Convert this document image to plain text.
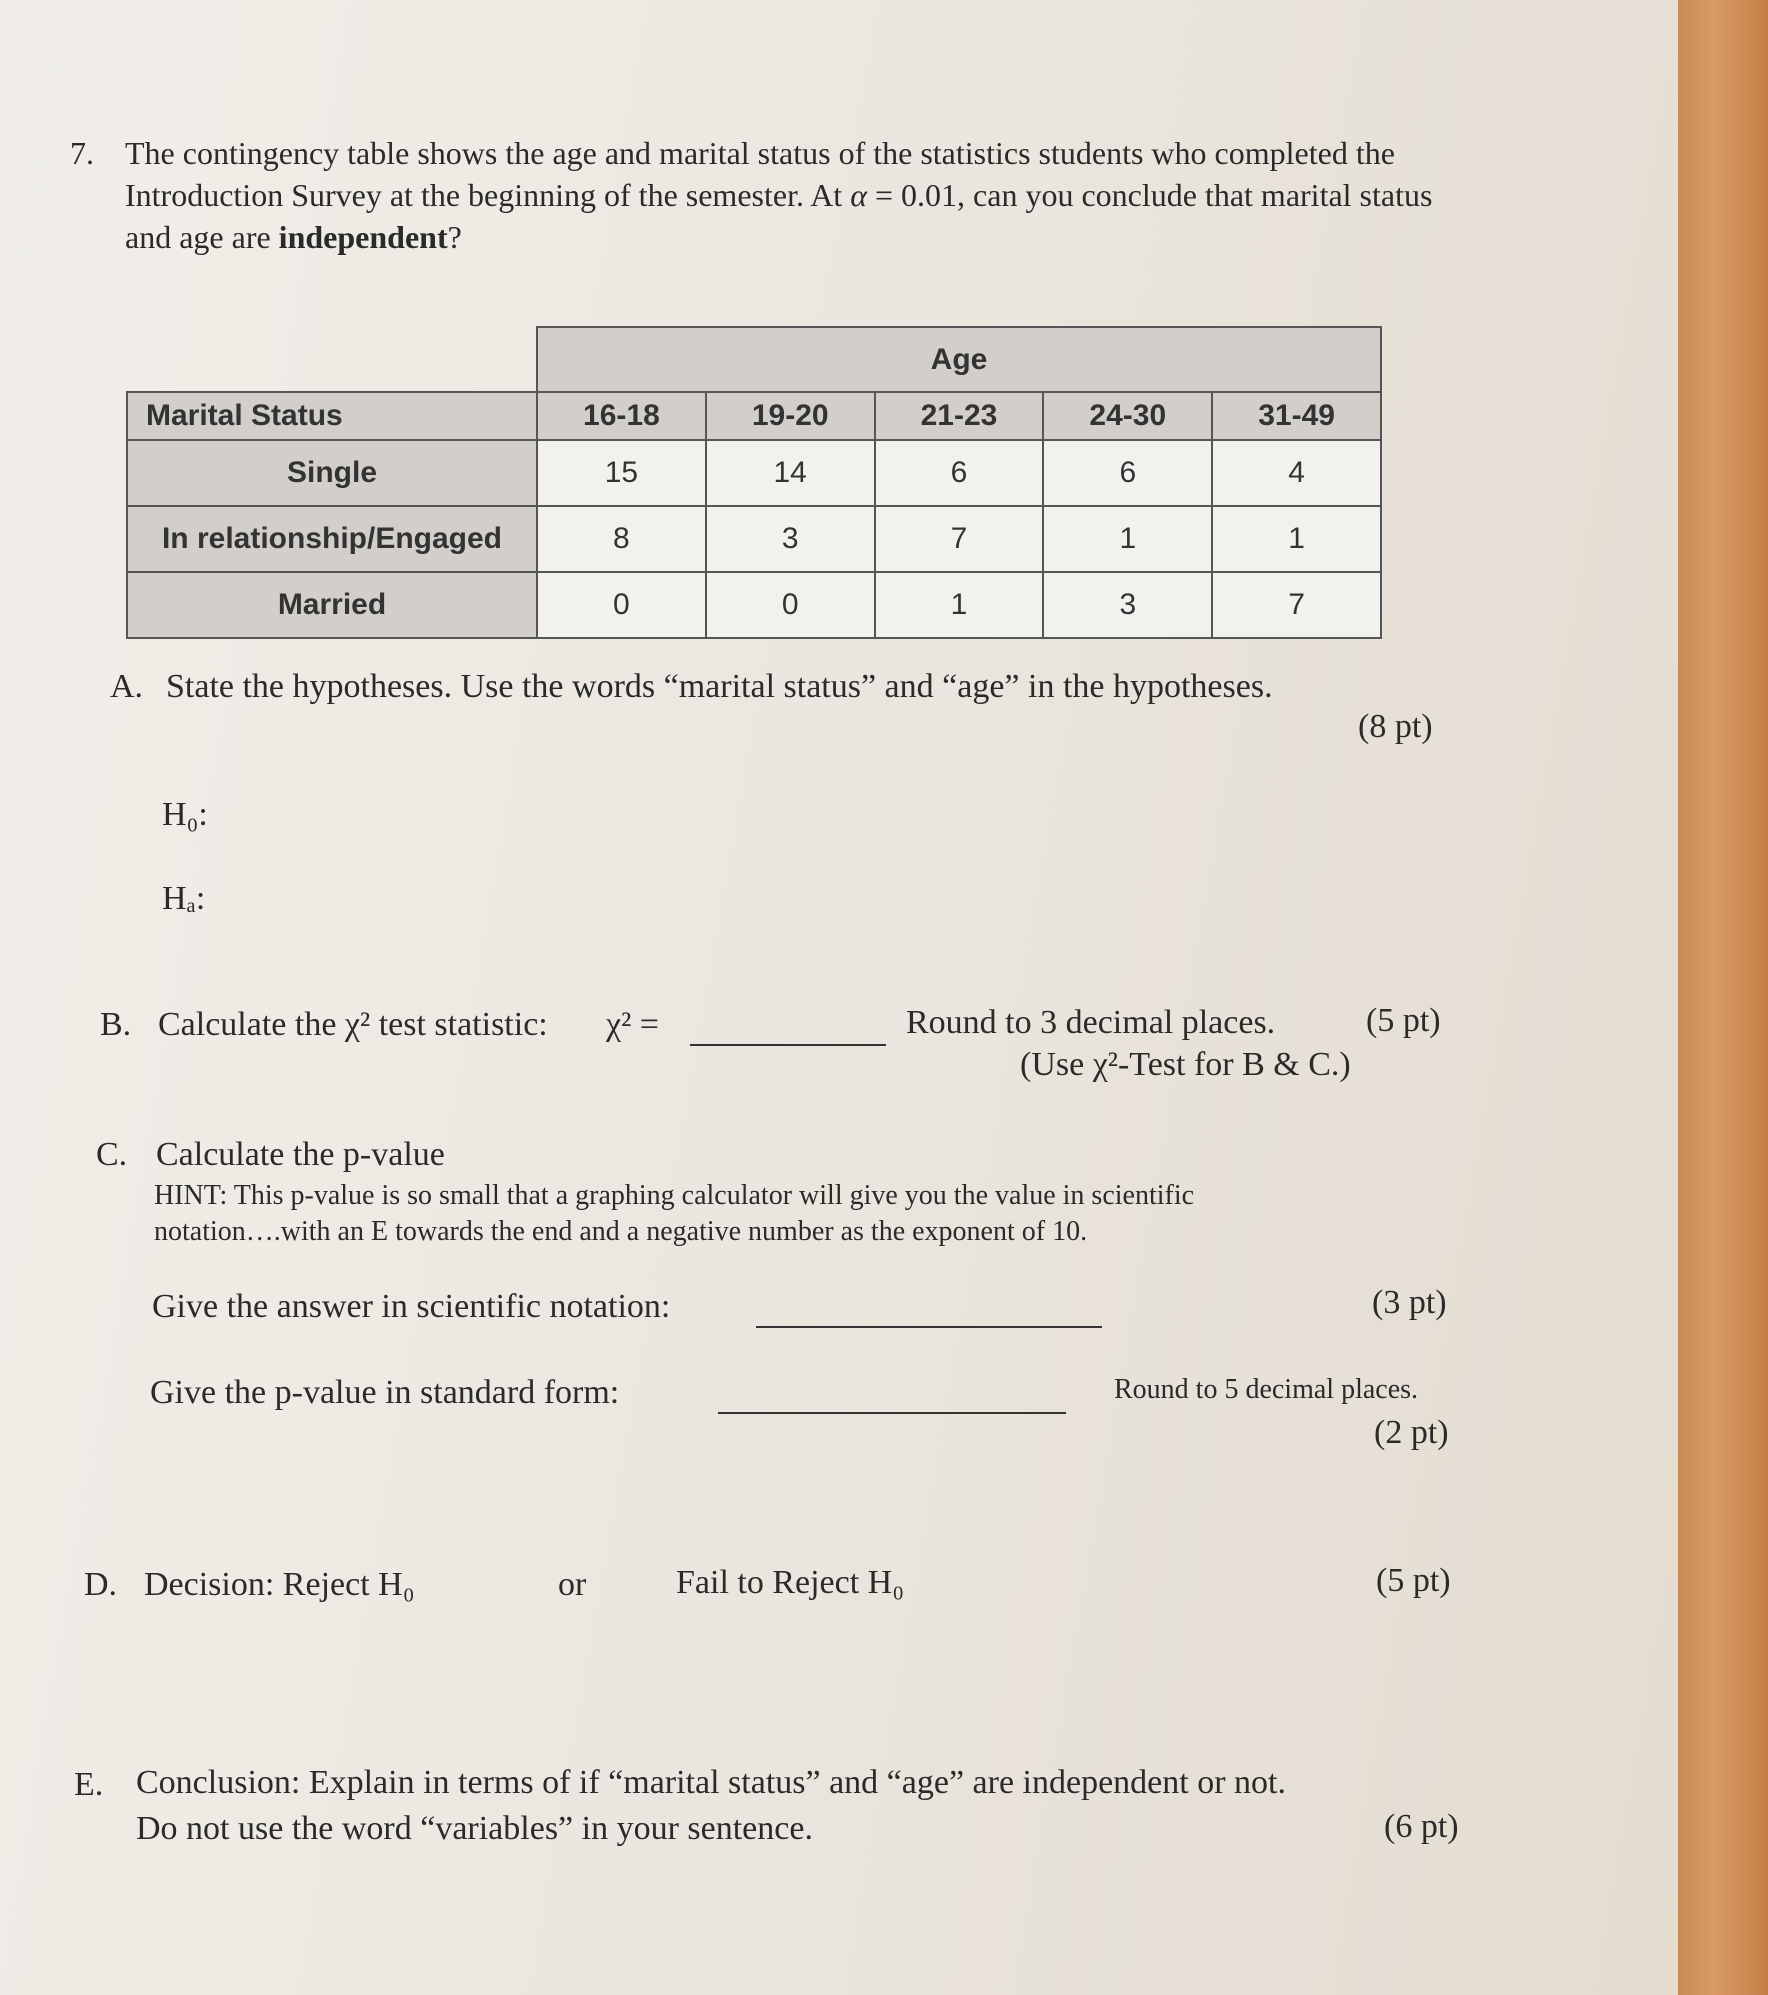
7. The contingency table shows the age and marital status of the statistics students who completed the Introduction Survey at the beginning of the semester. At α = 0.01, can you conclude that marital status and age are independent?
	Age				
Marital Status	16-18	19-20	21-23	24-30	31-49
Single	15	14	6	6	4
In relationship/Engaged	8	3	7	1	1
Married	0	0	1	3	7
A. State the hypotheses. Use the words “marital status” and “age” in the hypotheses.
(8 pt)
H₀:
Hₐ:
B. Calculate the χ² test statistic: χ² =	Round to 3 decimal places.	(5 pt)
(Use χ²-Test for B & C.)
C. Calculate the p-value
HINT: This p-value is so small that a graphing calculator will give you the value in scientific
notation….with an E towards the end and a negative number as the exponent of 10.
Give the answer in scientific notation:	(3 pt)
Give the p-value in standard form:	Round to 5 decimal places.
(2 pt)
D. Decision: Reject H₀	or	Fail to Reject H₀	(5 pt)
E. Conclusion: Explain in terms of if “marital status” and “age” are independent or not.
Do not use the word “variables” in your sentence.	(6 pt)
